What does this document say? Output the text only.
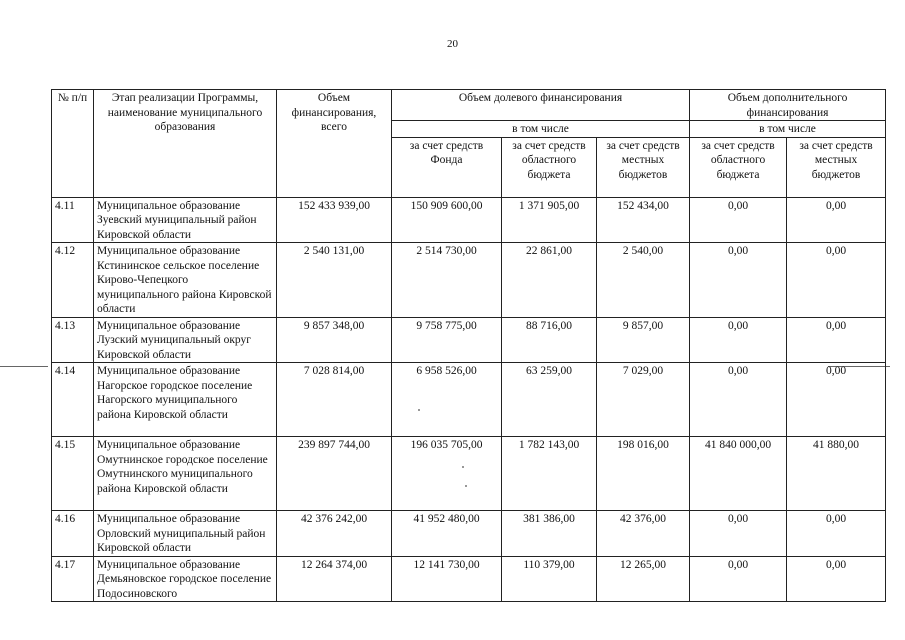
20
№ п/п	Этап реализации Программы, наименование муниципального образования	Объем финансирования, всего	Объем долевого финансирования			Объем дополнительного финансирования	
			в том числе			в том числе	
			за счет средств Фонда	за счет средств областного бюджета	за счет средств местных бюджетов	за счет средств областного бюджета	за счет средств местных бюджетов
4.11	Муниципальное образование Зуевский муниципальный район Кировской области	152 433 939,00	150 909 600,00	1 371 905,00	152 434,00	0,00	0,00
4.12	Муниципальное образование Кстининское сельское поселение Кирово-Чепецкого муниципального района Кировской области	2 540 131,00	2 514 730,00	22 861,00	2 540,00	0,00	0,00
4.13	Муниципальное образование Лузский муниципальный округ Кировской области	9 857 348,00	9 758 775,00	88 716,00	9 857,00	0,00	0,00
4.14	Муниципальное образование Нагорское городское поселение Нагорского муниципального района Кировской области	7 028 814,00	6 958 526,00	63 259,00	7 029,00	0,00	0,00
4.15	Муниципальное образование Омутнинское городское поселение Омутнинского муниципального района Кировской области	239 897 744,00	196 035 705,00	1 782 143,00	198 016,00	41 840 000,00	41 880,00
4.16	Муниципальное образование Орловский муниципальный район Кировской области	42 376 242,00	41 952 480,00	381 386,00	42 376,00	0,00	0,00
4.17	Муниципальное образование Демьяновское городское поселение Подосиновского	12 264 374,00	12 141 730,00	110 379,00	12 265,00	0,00	0,00
